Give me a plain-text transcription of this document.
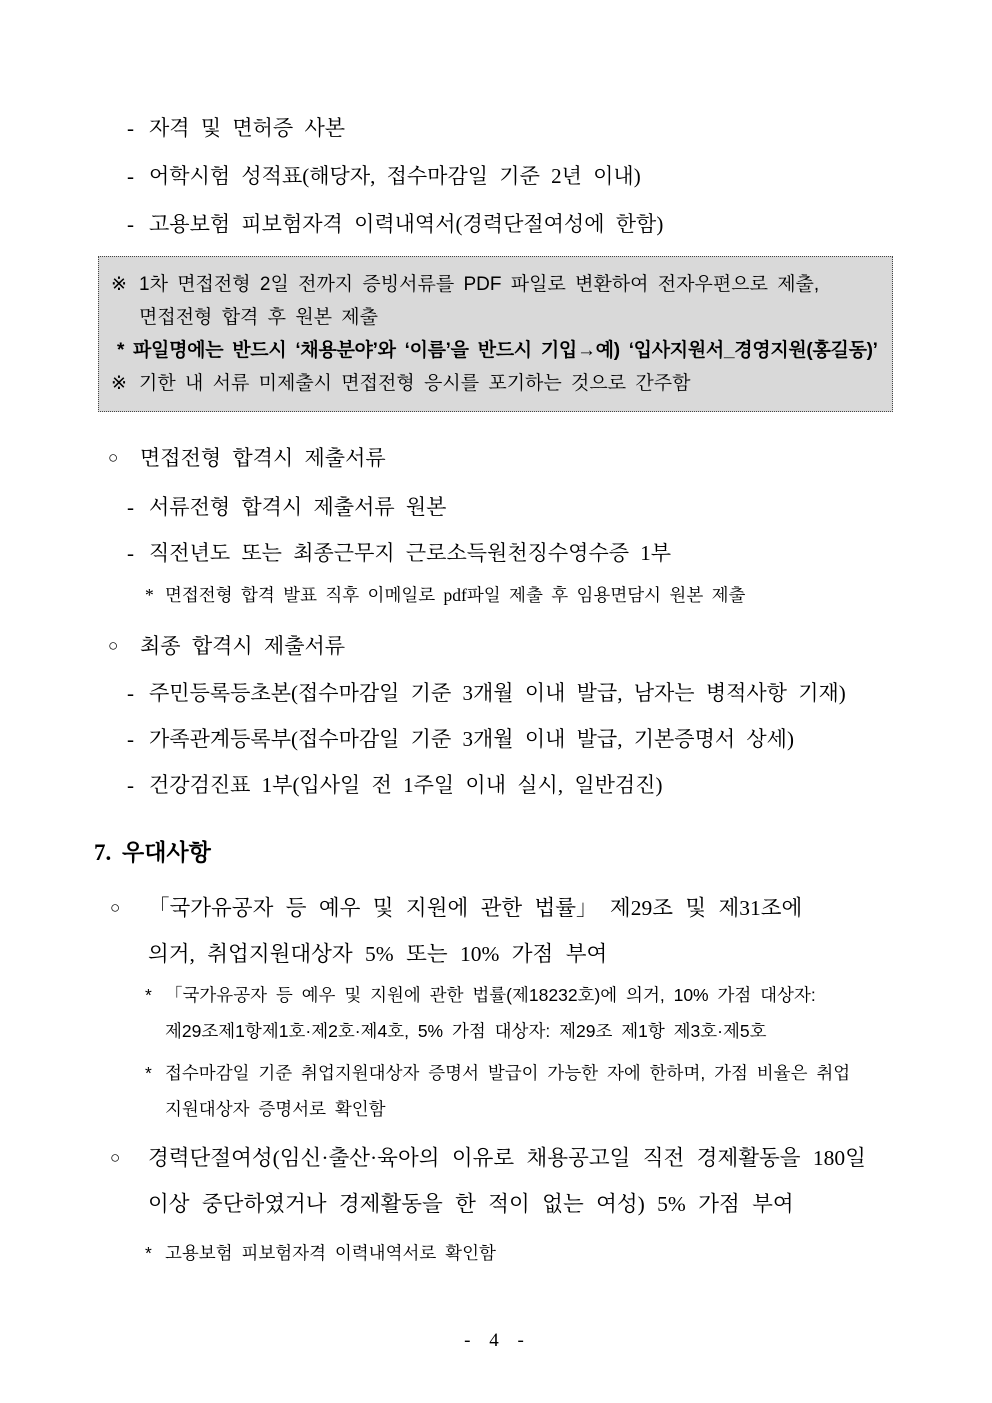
- 자격 및 면허증 사본
- 어학시험 성적표(해당자, 접수마감일 기준 2년 이내)
- 고용보험 피보험자격 이력내역서(경력단절여성에 한함)
※ 1차 면접전형 2일 전까지 증빙서류를 PDF 파일로 변환하여 전자우편으로 제출,
면접전형 합격 후 원본 제출
* 파일명에는 반드시 ‘채용분야’와 ‘이름’을 반드시 기입→예) ‘입사지원서_경영지원(홍길동)’
※ 기한 내 서류 미제출시 면접전형 응시를 포기하는 것으로 간주함
○	면접전형 합격시 제출서류
- 서류전형 합격시 제출서류 원본
- 직전년도 또는 최종근무지 근로소득원천징수영수증 1부
* 면접전형 합격 발표 직후 이메일로 pdf파일 제출 후 임용면담시 원본 제출
○	최종 합격시 제출서류
- 주민등록등초본(접수마감일 기준 3개월 이내 발급, 남자는 병적사항 기재)
- 가족관계등록부(접수마감일 기준 3개월 이내 발급, 기본증명서 상세)
- 건강검진표 1부(입사일 전 1주일 이내 실시, 일반검진)
7. 우대사항
○	「국가유공자 등 예우 및 지원에 관한 법률」 제29조 및 제31조에
의거, 취업지원대상자 5% 또는 10% 가점 부여
* 「국가유공자 등 예우 및 지원에 관한 법률(제18232호)에 의거, 10% 가점 대상자:
제29조제1항제1호·제2호·제4호, 5% 가점 대상자: 제29조 제1항 제3호·제5호
* 접수마감일 기준 취업지원대상자 증명서 발급이 가능한 자에 한하며, 가점 비율은 취업
지원대상자 증명서로 확인함
○	경력단절여성(임신·출산·육아의 이유로 채용공고일 직전 경제활동을 180일
이상 중단하였거나 경제활동을 한 적이 없는 여성) 5% 가점 부여
* 고용보험 피보험자격 이력내역서로 확인함
- 4 -
